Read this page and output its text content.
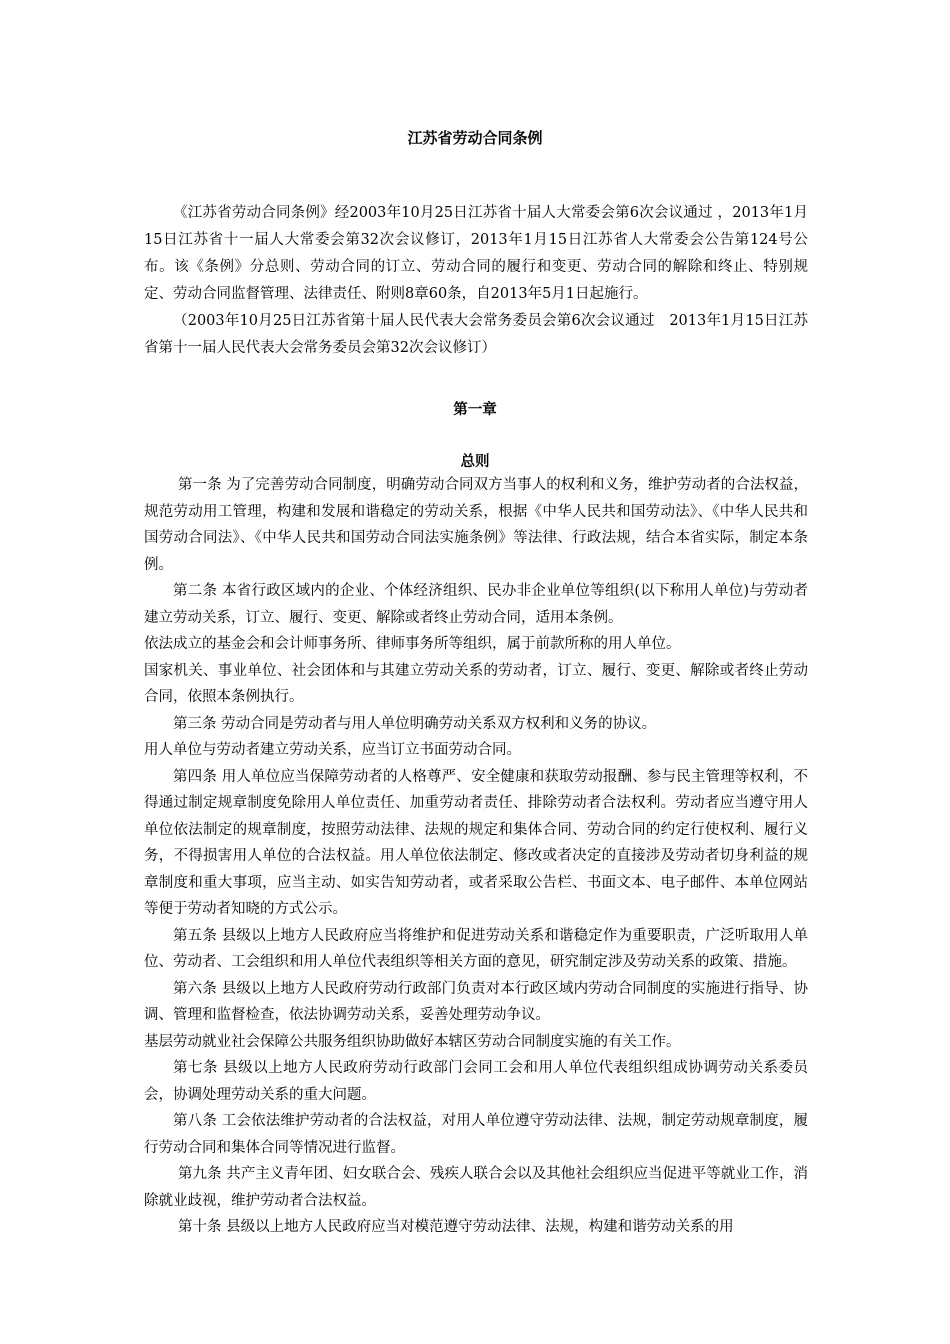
江苏省劳动合同条例

《江苏省劳动合同条例》经2003年10月25日江苏省十届人大常委会第6次会议通过 ，2013年1月15日江苏省十一届人大常委会第32次会议修订，2013年1月15日江苏省人大常委会公告第124号公布。该《条例》分总则、劳动合同的订立、劳动合同的履行和变更、劳动合同的解除和终止、特别规定、劳动合同监督管理、法律责任、附则8章60条，自2013年5月1日起施行。

（2003年10月25日江苏省第十届人民代表大会常务委员会第6次会议通过　2013年1月15日江苏省第十一届人民代表大会常务委员会第32次会议修订）

第一章
总则

第一条 为了完善劳动合同制度，明确劳动合同双方当事人的权利和义务，维护劳动者的合法权益，规范劳动用工管理，构建和发展和谐稳定的劳动关系，根据《中华人民共和国劳动法》、《中华人民共和国劳动合同法》、《中华人民共和国劳动合同法实施条例》等法律、行政法规，结合本省实际，制定本条例。

第二条 本省行政区域内的企业、个体经济组织、民办非企业单位等组织(以下称用人单位)与劳动者建立劳动关系，订立、履行、变更、解除或者终止劳动合同，适用本条例。

依法成立的基金会和会计师事务所、律师事务所等组织，属于前款所称的用人单位。

国家机关、事业单位、社会团体和与其建立劳动关系的劳动者，订立、履行、变更、解除或者终止劳动合同，依照本条例执行。

第三条 劳动合同是劳动者与用人单位明确劳动关系双方权利和义务的协议。

用人单位与劳动者建立劳动关系，应当订立书面劳动合同。

第四条 用人单位应当保障劳动者的人格尊严、安全健康和获取劳动报酬、参与民主管理等权利，不得通过制定规章制度免除用人单位责任、加重劳动者责任、排除劳动者合法权利。劳动者应当遵守用人单位依法制定的规章制度，按照劳动法律、法规的规定和集体合同、劳动合同的约定行使权利、履行义务，不得损害用人单位的合法权益。用人单位依法制定、修改或者决定的直接涉及劳动者切身利益的规章制度和重大事项，应当主动、如实告知劳动者，或者采取公告栏、书面文本、电子邮件、本单位网站等便于劳动者知晓的方式公示。

第五条 县级以上地方人民政府应当将维护和促进劳动关系和谐稳定作为重要职责，广泛听取用人单位、劳动者、工会组织和用人单位代表组织等相关方面的意见，研究制定涉及劳动关系的政策、措施。

第六条 县级以上地方人民政府劳动行政部门负责对本行政区域内劳动合同制度的实施进行指导、协调、管理和监督检查，依法协调劳动关系，妥善处理劳动争议。

基层劳动就业社会保障公共服务组织协助做好本辖区劳动合同制度实施的有关工作。

第七条 县级以上地方人民政府劳动行政部门会同工会和用人单位代表组织组成协调劳动关系委员会，协调处理劳动关系的重大问题。

第八条 工会依法维护劳动者的合法权益，对用人单位遵守劳动法律、法规，制定劳动规章制度，履行劳动合同和集体合同等情况进行监督。

第九条 共产主义青年团、妇女联合会、残疾人联合会以及其他社会组织应当促进平等就业工作，消除就业歧视，维护劳动者合法权益。

第十条 县级以上地方人民政府应当对模范遵守劳动法律、法规，构建和谐劳动关系的用
